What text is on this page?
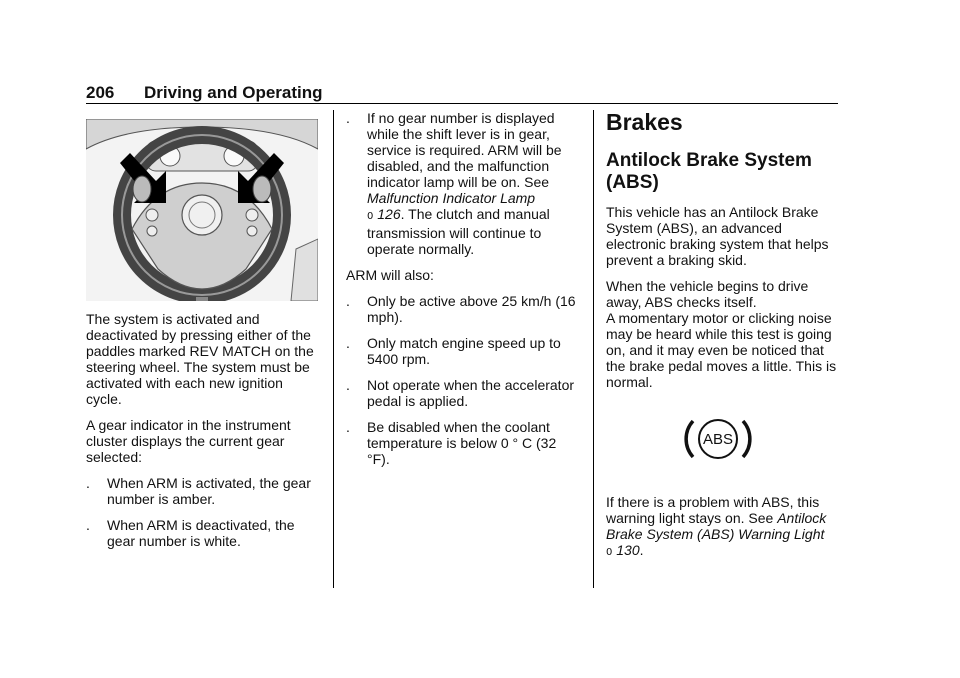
206 Driving and Operating

The system is activated and deactivated by pressing either of the paddles marked REV MATCH on the steering wheel. The system must be activated with each new ignition cycle.

A gear indicator in the instrument cluster displays the current gear selected:

.	When ARM is activated, the gear number is amber.
.	When ARM is deactivated, the gear number is white.
.	If no gear number is displayed while the shift lever is in gear, service is required. ARM will be disabled, and the malfunction indicator lamp will be on. See Malfunction Indicator Lamp
0 126. The clutch and manual transmission will continue to operate normally.

ARM will also:

.	Only be active above 25 km/h (16 mph).
.	Only match engine speed up to 5400 rpm.
.	Not operate when the accelerator pedal is applied.
.	Be disabled when the coolant temperature is below 0 ° C (32 °F).
Brakes
Antilock Brake System (ABS)

This vehicle has an Antilock Brake System (ABS), an advanced electronic braking system that helps prevent a braking skid.

When the vehicle begins to drive away, ABS checks itself.

A momentary motor or clicking noise may be heard while this test is going on, and it may even be noticed that the brake pedal moves a little. This is normal.

ABS

If there is a problem with ABS, this warning light stays on. See Antilock Brake System (ABS) Warning Light
0 130.
